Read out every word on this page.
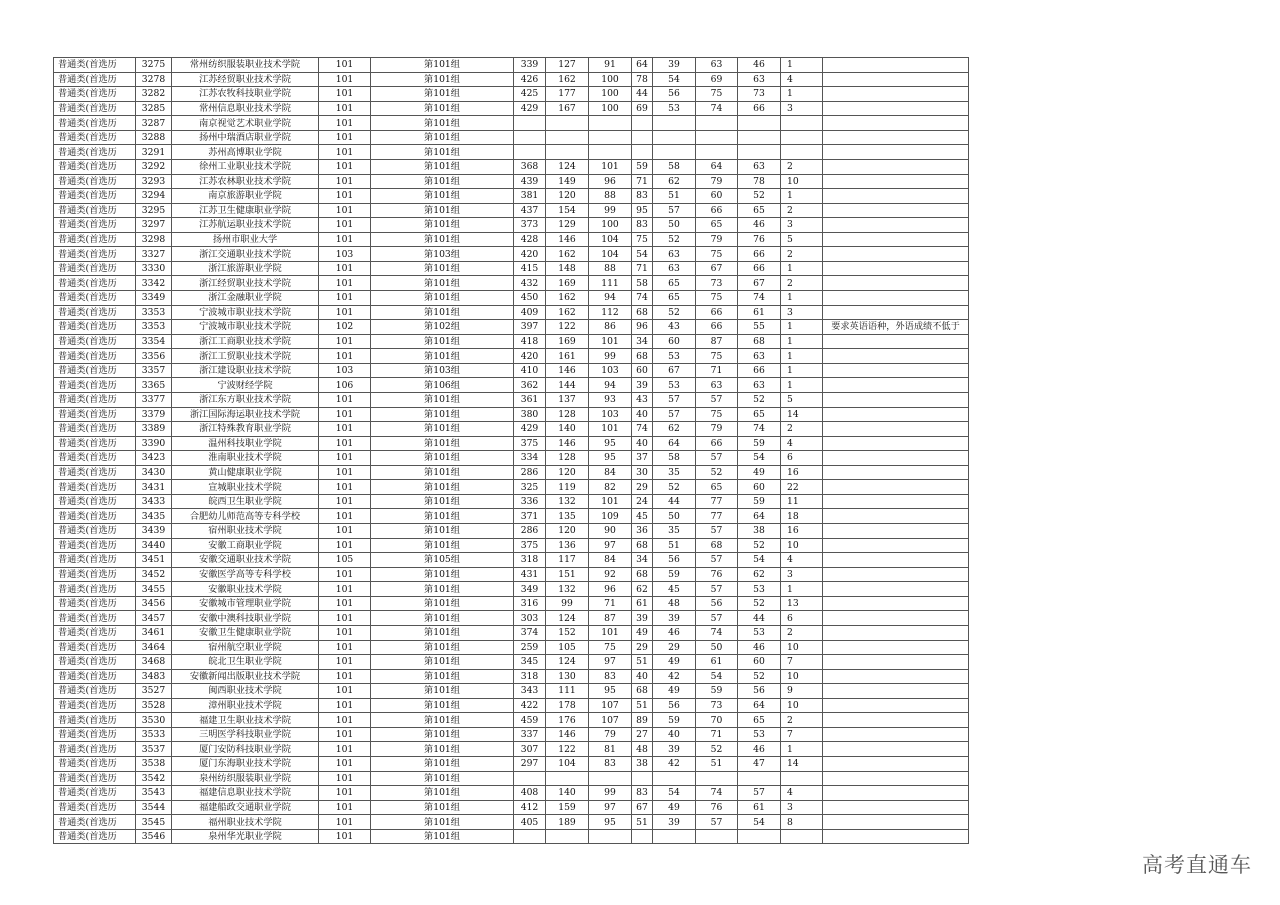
普通类(首选历	3275	常州纺织服装职业技术学院	101	第101组	339	127	91	64	39	63	46	1	
普通类(首选历	3278	江苏经贸职业技术学院	101	第101组	426	162	100	78	54	69	63	4	
普通类(首选历	3282	江苏农牧科技职业学院	101	第101组	425	177	100	44	56	75	73	1	
普通类(首选历	3285	常州信息职业技术学院	101	第101组	429	167	100	69	53	74	66	3	
普通类(首选历	3287	南京视觉艺术职业学院	101	第101组									
普通类(首选历	3288	扬州中瑞酒店职业学院	101	第101组									
普通类(首选历	3291	苏州高博职业学院	101	第101组									
普通类(首选历	3292	徐州工业职业技术学院	101	第101组	368	124	101	59	58	64	63	2	
普通类(首选历	3293	江苏农林职业技术学院	101	第101组	439	149	96	71	62	79	78	10	
普通类(首选历	3294	南京旅游职业学院	101	第101组	381	120	88	83	51	60	52	1	
普通类(首选历	3295	江苏卫生健康职业学院	101	第101组	437	154	99	95	57	66	65	2	
普通类(首选历	3297	江苏航运职业技术学院	101	第101组	373	129	100	83	50	65	46	3	
普通类(首选历	3298	扬州市职业大学	101	第101组	428	146	104	75	52	79	76	5	
普通类(首选历	3327	浙江交通职业技术学院	103	第103组	420	162	104	54	63	75	66	2	
普通类(首选历	3330	浙江旅游职业学院	101	第101组	415	148	88	71	63	67	66	1	
普通类(首选历	3342	浙江经贸职业技术学院	101	第101组	432	169	111	58	65	73	67	2	
普通类(首选历	3349	浙江金融职业学院	101	第101组	450	162	94	74	65	75	74	1	
普通类(首选历	3353	宁波城市职业技术学院	101	第101组	409	162	112	68	52	66	61	3	
普通类(首选历	3353	宁波城市职业技术学院	102	第102组	397	122	86	96	43	66	55	1	要求英语语种，外语成绩不低于
普通类(首选历	3354	浙江工商职业技术学院	101	第101组	418	169	101	34	60	87	68	1	
普通类(首选历	3356	浙江工贸职业技术学院	101	第101组	420	161	99	68	53	75	63	1	
普通类(首选历	3357	浙江建设职业技术学院	103	第103组	410	146	103	60	67	71	66	1	
普通类(首选历	3365	宁波财经学院	106	第106组	362	144	94	39	53	63	63	1	
普通类(首选历	3377	浙江东方职业技术学院	101	第101组	361	137	93	43	57	57	52	5	
普通类(首选历	3379	浙江国际海运职业技术学院	101	第101组	380	128	103	40	57	75	65	14	
普通类(首选历	3389	浙江特殊教育职业学院	101	第101组	429	140	101	74	62	79	74	2	
普通类(首选历	3390	温州科技职业学院	101	第101组	375	146	95	40	64	66	59	4	
普通类(首选历	3423	淮南职业技术学院	101	第101组	334	128	95	37	58	57	54	6	
普通类(首选历	3430	黄山健康职业学院	101	第101组	286	120	84	30	35	52	49	16	
普通类(首选历	3431	宣城职业技术学院	101	第101组	325	119	82	29	52	65	60	22	
普通类(首选历	3433	皖西卫生职业学院	101	第101组	336	132	101	24	44	77	59	11	
普通类(首选历	3435	合肥幼儿师范高等专科学校	101	第101组	371	135	109	45	50	77	64	18	
普通类(首选历	3439	宿州职业技术学院	101	第101组	286	120	90	36	35	57	38	16	
普通类(首选历	3440	安徽工商职业学院	101	第101组	375	136	97	68	51	68	52	10	
普通类(首选历	3451	安徽交通职业技术学院	105	第105组	318	117	84	34	56	57	54	4	
普通类(首选历	3452	安徽医学高等专科学校	101	第101组	431	151	92	68	59	76	62	3	
普通类(首选历	3455	安徽职业技术学院	101	第101组	349	132	96	62	45	57	53	1	
普通类(首选历	3456	安徽城市管理职业学院	101	第101组	316	99	71	61	48	56	52	13	
普通类(首选历	3457	安徽中澳科技职业学院	101	第101组	303	124	87	39	39	57	44	6	
普通类(首选历	3461	安徽卫生健康职业学院	101	第101组	374	152	101	49	46	74	53	2	
普通类(首选历	3464	宿州航空职业学院	101	第101组	259	105	75	29	29	50	46	10	
普通类(首选历	3468	皖北卫生职业学院	101	第101组	345	124	97	51	49	61	60	7	
普通类(首选历	3483	安徽新闻出版职业技术学院	101	第101组	318	130	83	40	42	54	52	10	
普通类(首选历	3527	闽西职业技术学院	101	第101组	343	111	95	68	49	59	56	9	
普通类(首选历	3528	漳州职业技术学院	101	第101组	422	178	107	51	56	73	64	10	
普通类(首选历	3530	福建卫生职业技术学院	101	第101组	459	176	107	89	59	70	65	2	
普通类(首选历	3533	三明医学科技职业学院	101	第101组	337	146	79	27	40	71	53	7	
普通类(首选历	3537	厦门安防科技职业学院	101	第101组	307	122	81	48	39	52	46	1	
普通类(首选历	3538	厦门东海职业技术学院	101	第101组	297	104	83	38	42	51	47	14	
普通类(首选历	3542	泉州纺织服装职业学院	101	第101组									
普通类(首选历	3543	福建信息职业技术学院	101	第101组	408	140	99	83	54	74	57	4	
普通类(首选历	3544	福建船政交通职业学院	101	第101组	412	159	97	67	49	76	61	3	
普通类(首选历	3545	福州职业技术学院	101	第101组	405	189	95	51	39	57	54	8	
普通类(首选历	3546	泉州华光职业学院	101	第101组									
高考直通车
